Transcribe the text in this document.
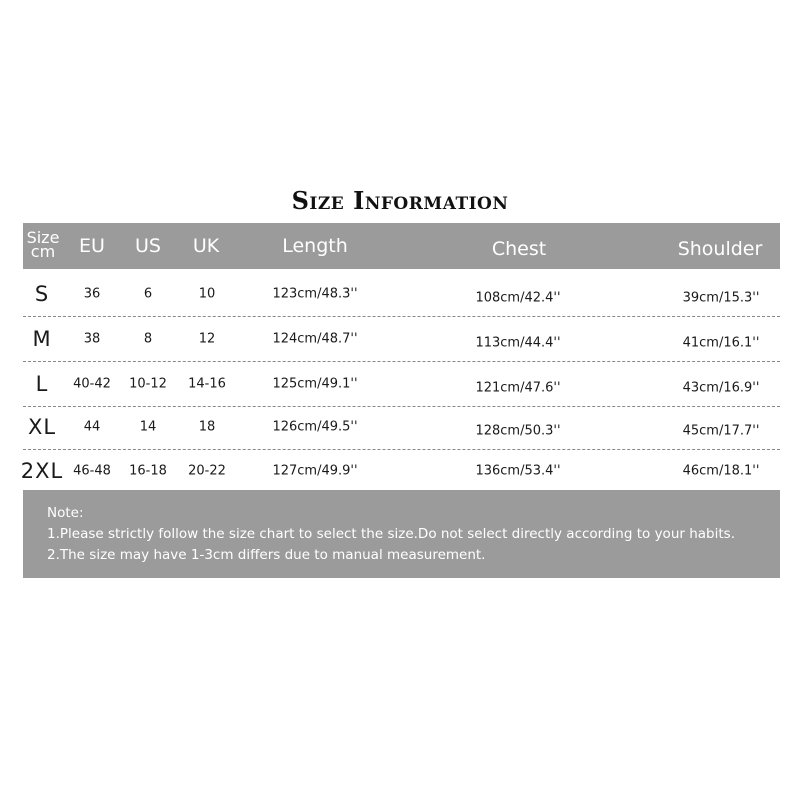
Size Information
Size
cm	EU US UK	Length	Chest	Shoulder
S	36	6	10	123cm/48.3''	108cm/42.4''	39cm/15.3''
M 38	8	12	124cm/48.7''	113cm/44.4''	41cm/16.1''
L 40-42 10-12 14-16	125cm/49.1''	121cm/47.6''	43cm/16.9''
XL 44	14	18	126cm/49.5''	128cm/50.3''	45cm/17.7''
2XL 46-48 16-18 20-22	127cm/49.9''	136cm/53.4''	46cm/18.1''
Note:
1.Please strictly follow the size chart to select the size.Do not select directly according to your habits.
2.The size may have 1-3cm differs due to manual measurement.
